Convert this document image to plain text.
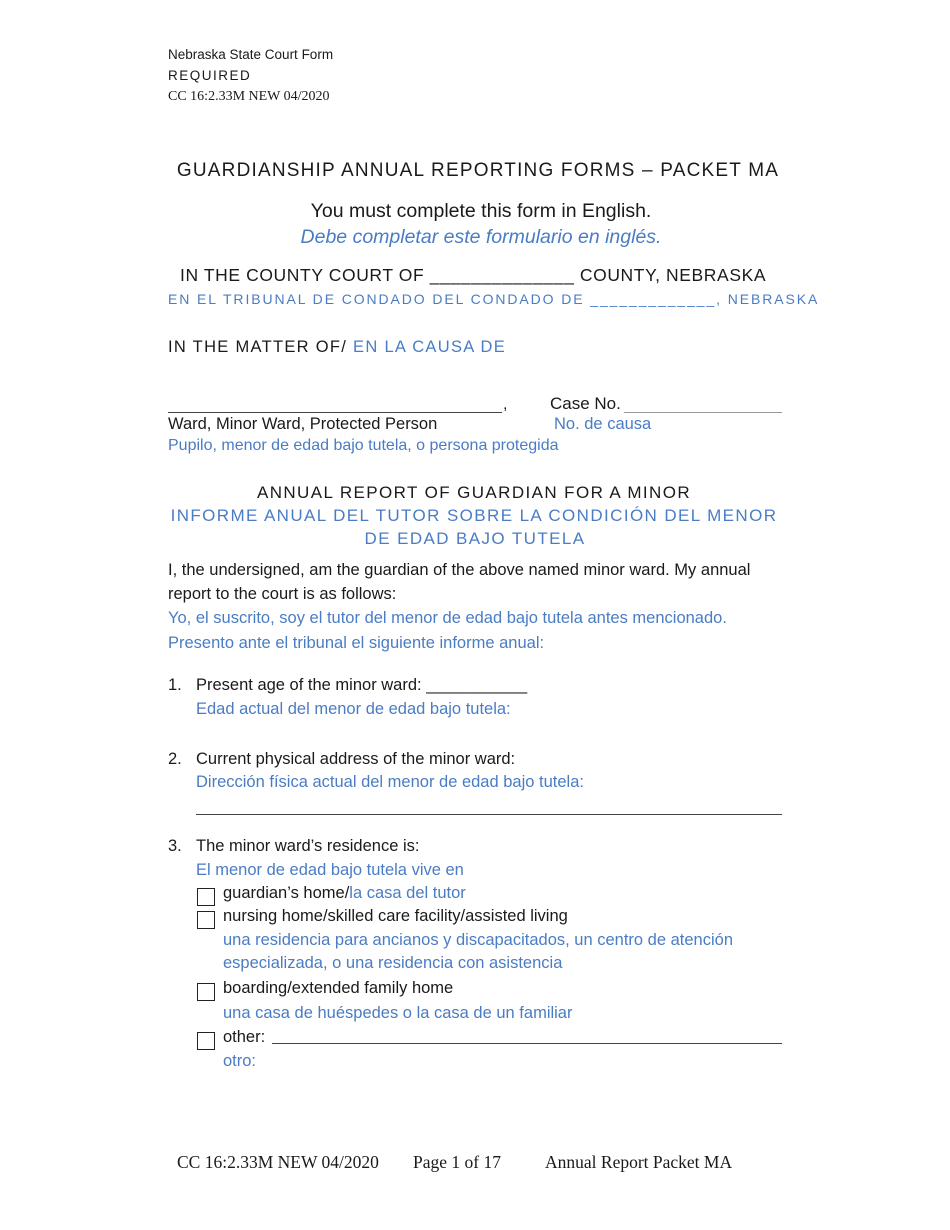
Nebraska State Court Form
REQUIRED
CC 16:2.33M NEW 04/2020
GUARDIANSHIP ANNUAL REPORTING FORMS – PACKET MA
You must complete this form in English.
Debe completar este formulario en inglés.
IN THE COUNTY COURT OF ______________ COUNTY, NEBRASKA
EN EL TRIBUNAL DE CONDADO DEL CONDADO DE _____________, NEBRASKA
IN THE MATTER OF/ EN LA CAUSA DE
,	Case No.
Ward, Minor Ward, Protected Person	No. de causa
Pupilo, menor de edad bajo tutela, o persona protegida
ANNUAL REPORT OF GUARDIAN FOR A MINOR
INFORME ANUAL DEL TUTOR SOBRE LA CONDICIÓN DEL MENOR
DE EDAD BAJO TUTELA
I, the undersigned, am the guardian of the above named minor ward. My annual
report to the court is as follows:
Yo, el suscrito, soy el tutor del menor de edad bajo tutela antes mencionado.
Presento ante el tribunal el siguiente informe anual:
1. Present age of the minor ward: ___________
Edad actual del menor de edad bajo tutela:
2. Current physical address of the minor ward:
Dirección física actual del menor de edad bajo tutela:
3. The minor ward’s residence is:
El menor de edad bajo tutela vive en
guardian’s home/la casa del tutor
nursing home/skilled care facility/assisted living
una residencia para ancianos y discapacitados, un centro de atención
especializada, o una residencia con asistencia
boarding/extended family home
una casa de huéspedes o la casa de un familiar
other:
otro:
CC 16:2.33M NEW 04/2020 Page 1 of 17	Annual Report Packet MA
